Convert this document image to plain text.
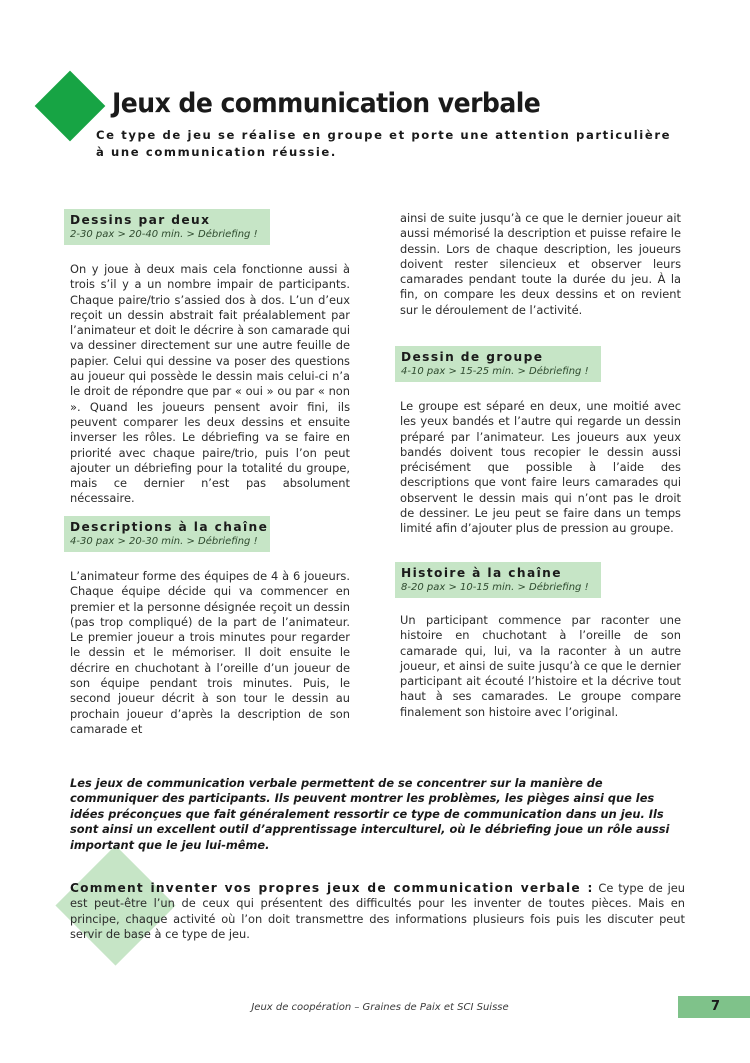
Jeux de communication verbale
Ce type de jeu se réalise en groupe et porte une attention particulière à une communication réussie.
Dessins par deux
2-30 pax > 20-40 min. > Débriefing !
On y joue à deux mais cela fonctionne aussi à trois s’il y a un nombre impair de participants. Chaque paire/trio s’assied dos à dos. L’un d’eux reçoit un dessin abstrait fait préalablement par l’animateur et doit le décrire à son camarade qui va dessiner directement sur une autre feuille de papier. Celui qui dessine va poser des questions au joueur qui possède le dessin mais celui-ci n’a le droit de répondre que par « oui » ou par « non ». Quand les joueurs pensent avoir fini, ils peuvent comparer les deux dessins et ensuite inverser les rôles. Le débriefing va se faire en priorité avec chaque paire/trio, puis l’on peut ajouter un débriefing pour la totalité du groupe, mais ce dernier n’est pas absolument nécessaire.
Descriptions à la chaîne
4-30 pax > 20-30 min. > Débriefing !
L’animateur forme des équipes de 4 à 6 joueurs. Chaque équipe décide qui va commencer en premier et la personne désignée reçoit un dessin (pas trop compliqué) de la part de l’animateur. Le premier joueur a trois minutes pour regarder le dessin et le mémoriser. Il doit ensuite le décrire en chuchotant à l’oreille d’un joueur de son équipe pendant trois minutes. Puis, le second joueur décrit à son tour le dessin au prochain joueur d’après la description de son camarade et
ainsi de suite jusqu’à ce que le dernier joueur ait aussi mémorisé la description et puisse refaire le dessin. Lors de chaque description, les joueurs doivent rester silencieux et observer leurs camarades pendant toute la durée du jeu. À la fin, on compare les deux dessins et on revient sur le déroulement de l’activité.
Dessin de groupe
4-10 pax > 15-25 min. > Débriefing !
Le groupe est séparé en deux, une moitié avec les yeux bandés et l’autre qui regarde un dessin préparé par l’animateur. Les joueurs aux yeux bandés doivent tous recopier le dessin aussi précisément que possible à l’aide des descriptions que vont faire leurs camarades qui observent le dessin mais qui n’ont pas le droit de dessiner. Le jeu peut se faire dans un temps limité afin d’ajouter plus de pression au groupe.
Histoire à la chaîne
8-20 pax > 10-15 min. > Débriefing !
Un participant commence par raconter une histoire en chuchotant à l’oreille de son camarade qui, lui, va la raconter à un autre joueur, et ainsi de suite jusqu’à ce que le dernier participant ait écouté l’histoire et la décrive tout haut à ses camarades. Le groupe compare finalement son histoire avec l’original.
Les jeux de communication verbale permettent de se concentrer sur la manière de communiquer des participants. Ils peuvent montrer les problèmes, les pièges ainsi que les idées préconçues que fait généralement ressortir ce type de communication dans un jeu. Ils sont ainsi un excellent outil d’apprentissage interculturel, où le débriefing joue un rôle aussi important que le jeu lui-même.
Comment inventer vos propres jeux de communication verbale : Ce type de jeu est peut-être l’un de ceux qui présentent des difficultés pour les inventer de toutes pièces. Mais en principe, chaque activité où l’on doit transmettre des informations plusieurs fois puis les discuter peut servir de base à ce type de jeu.
Jeux de coopération – Graines de Paix et SCI Suisse	7
